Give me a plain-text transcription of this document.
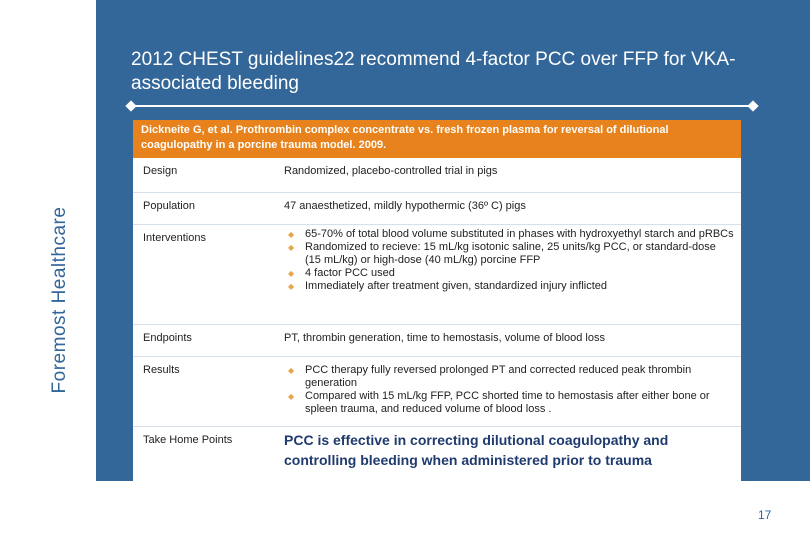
2012 CHEST guidelines22 recommend 4-factor PCC over FFP for VKA-associated bleeding
Foremost Healthcare
Dickneite G, et al. Prothrombin complex concentrate vs. fresh frozen plasma for reversal of dilutional coagulopathy in a porcine trauma model. 2009.
Design	Randomized, placebo-controlled trial in pigs
Population	47 anaesthetized, mildly hypothermic (36º C) pigs
Interventions	◆ 65-70% of total blood volume substituted in phases with hydroxyethyl starch and pRBCs
◆ Randomized to recieve: 15 mL/kg isotonic saline, 25 units/kg PCC, or standard-dose (15 mL/kg) or high-dose (40 mL/kg) porcine FFP
◆ 4 factor PCC used
◆ Immediately after treatment given, standardized injury inflicted
Endpoints	PT, thrombin generation, time to hemostasis, volume of blood loss
Results	◆ PCC therapy fully reversed prolonged PT and corrected reduced peak thrombin generation
◆ Compared with 15 mL/kg FFP, PCC shorted time to hemostasis after either bone or spleen trauma, and reduced volume of blood loss .
Take Home Points	PCC is effective in correcting dilutional coagulopathy and controlling bleeding when administered prior to trauma
17
